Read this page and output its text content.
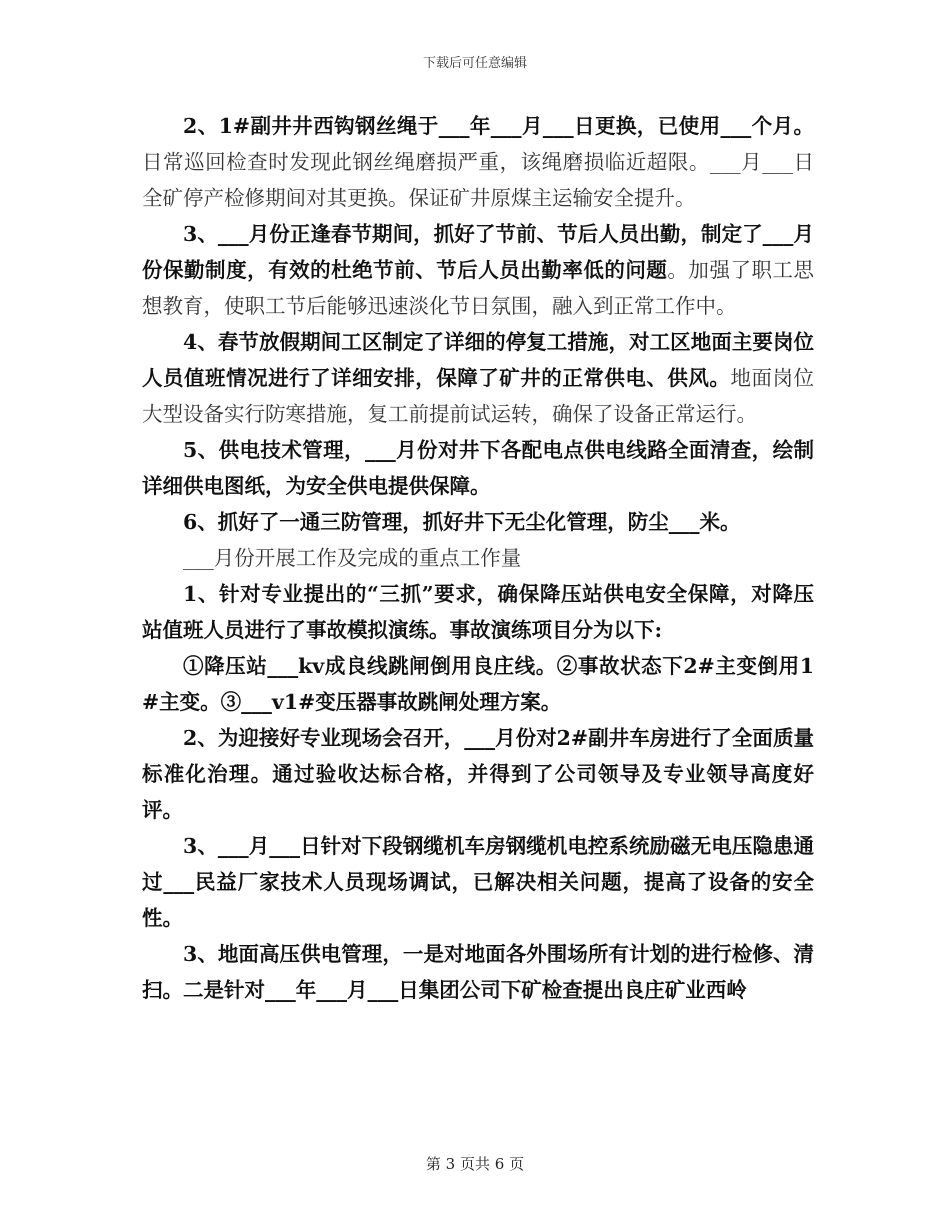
下载后可任意编辑

2、1#副井井西钩钢丝绳于___年___月___日更换，已使用___个月。日常巡回检查时发现此钢丝绳磨损严重，该绳磨损临近超限。___月___日全矿停产检修期间对其更换。保证矿井原煤主运输安全提升。

3、___月份正逢春节期间，抓好了节前、节后人员出勤，制定了___月份保勤制度，有效的杜绝节前、节后人员出勤率低的问题。加强了职工思想教育，使职工节后能够迅速淡化节日氛围，融入到正常工作中。

4、春节放假期间工区制定了详细的停复工措施，对工区地面主要岗位人员值班情况进行了详细安排，保障了矿井的正常供电、供风。地面岗位大型设备实行防寒措施，复工前提前试运转，确保了设备正常运行。

5、供电技术管理，___月份对井下各配电点供电线路全面清查，绘制详细供电图纸，为安全供电提供保障。

6、抓好了一通三防管理，抓好井下无尘化管理，防尘___米。

___月份开展工作及完成的重点工作量

1、针对专业提出的“三抓”要求，确保降压站供电安全保障，对降压站值班人员进行了事故模拟演练。事故演练项目分为以下:

①降压站___kv成良线跳闸倒用良庄线。②事故状态下2#主变倒用1#主变。③___v1#变压器事故跳闸处理方案。

2、为迎接好专业现场会召开，___月份对2#副井车房进行了全面质量标准化治理。通过验收达标合格，并得到了公司领导及专业领导高度好评。

3、___月___日针对下段钢缆机车房钢缆机电控系统励磁无电压隐患通过___民益厂家技术人员现场调试，已解决相关问题，提高了设备的安全性。

3、地面高压供电管理，一是对地面各外围场所有计划的进行检修、清扫。二是针对___年___月___日集团公司下矿检查提出良庄矿业西岭

第 3 页共 6 页
